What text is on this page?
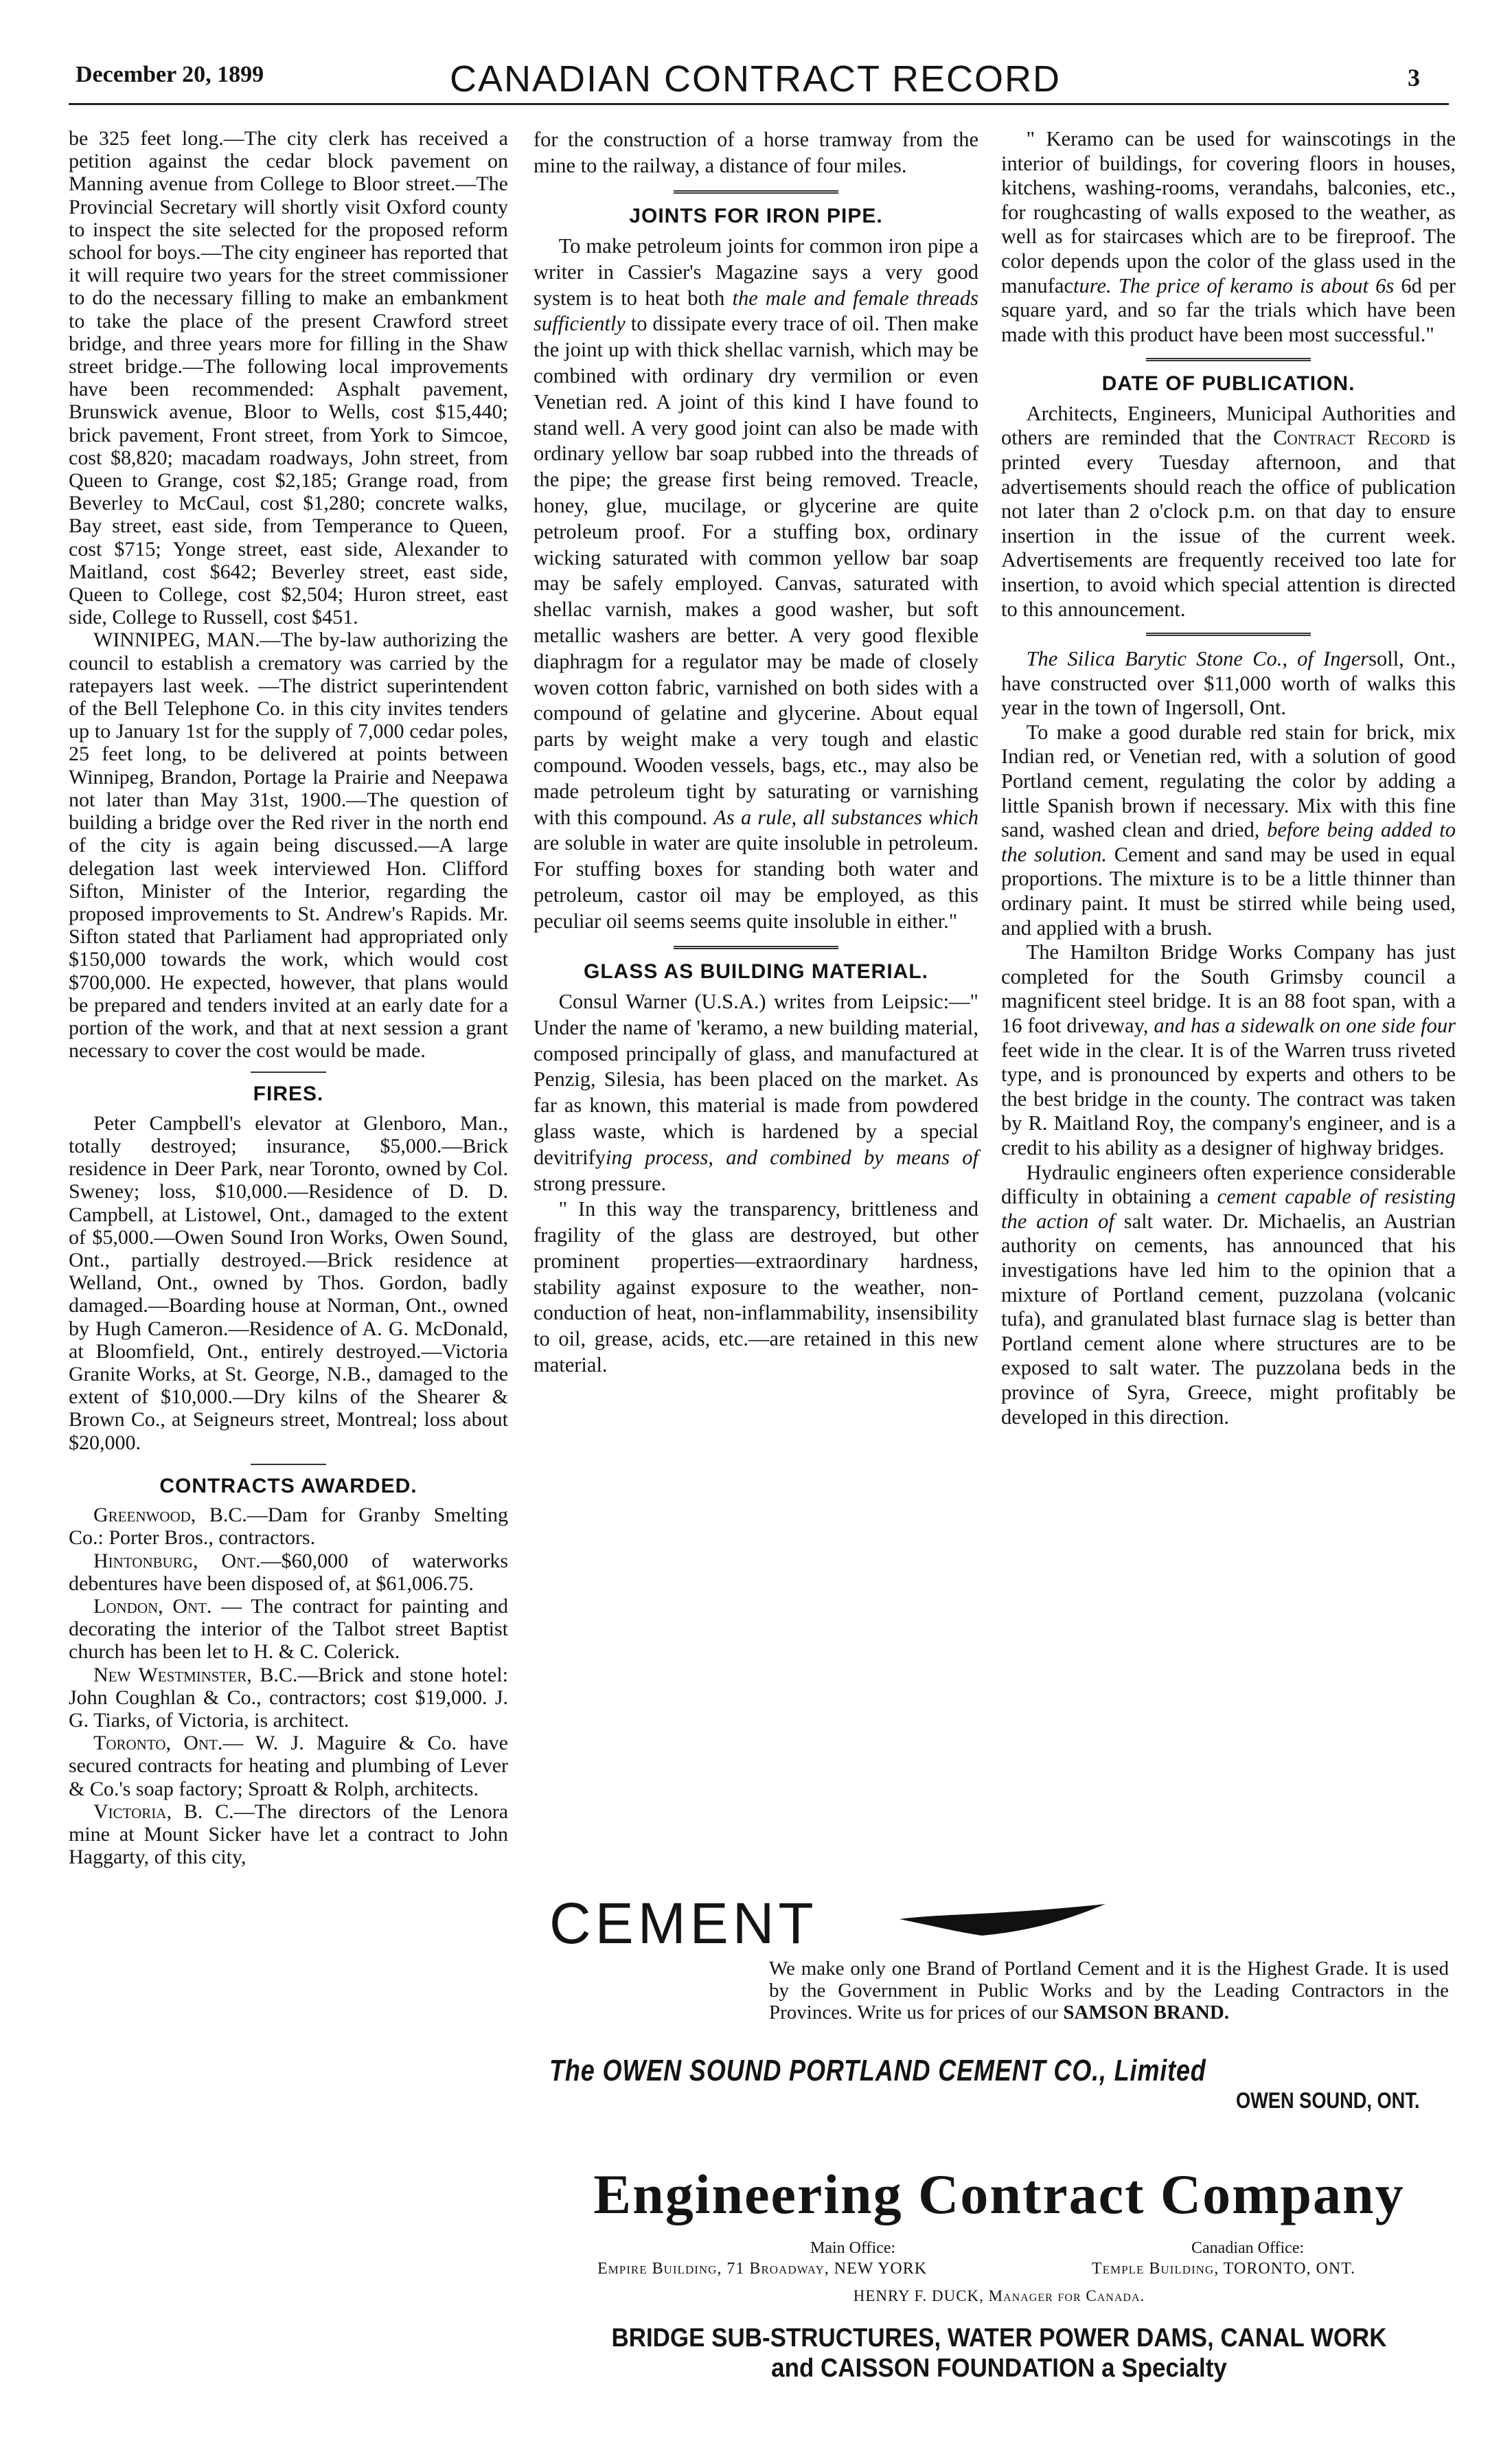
December 20, 1899	CANADIAN CONTRACT RECORD	3

be 325 feet long.—The city clerk has received a petition against the cedar block pavement on Manning avenue from College to Bloor street.—The Provincial Secretary will shortly visit Oxford county to inspect the site selected for the proposed reform school for boys.—The city engineer has reported that it will require two years for the street commissioner to do the necessary filling to make an embankment to take the place of the present Crawford street bridge, and three years more for filling in the Shaw street bridge.—The following local improvements have been recommended: Asphalt pavement, Brunswick avenue, Bloor to Wells, cost $15,440; brick pavement, Front street, from York to Simcoe, cost $8,820; macadam roadways, John street, from Queen to Grange, cost $2,185; Grange road, from Beverley to McCaul, cost $1,280; concrete walks, Bay street, east side, from Temperance to Queen, cost $715; Yonge street, east side, Alexander to Maitland, cost $642; Beverley street, east side, Queen to College, cost $2,504; Huron street, east side, College to Russell, cost $451.

WINNIPEG, MAN.—The by-law authorizing the council to establish a crematory was carried by the ratepayers last week. —The district superintendent of the Bell Telephone Co. in this city invites tenders up to January 1st for the supply of 7,000 cedar poles, 25 feet long, to be delivered at points between Winnipeg, Brandon, Portage la Prairie and Neepawa not later than May 31st, 1900.—The question of building a bridge over the Red river in the north end of the city is again being discussed.—A large delegation last week interviewed Hon. Clifford Sifton, Minister of the Interior, regarding the proposed improvements to St. Andrew's Rapids. Mr. Sifton stated that Parliament had appropriated only $150,000 towards the work, which would cost $700,000. He expected, however, that plans would be prepared and tenders invited at an early date for a portion of the work, and that at next session a grant necessary to cover the cost would be made.

FIRES.

Peter Campbell's elevator at Glenboro, Man., totally destroyed; insurance, $5,000.—Brick residence in Deer Park, near Toronto, owned by Col. Sweney; loss, $10,000.—Residence of D. D. Campbell, at Listowel, Ont., damaged to the extent of $5,000.—Owen Sound Iron Works, Owen Sound, Ont., partially destroyed.—Brick residence at Welland, Ont., owned by Thos. Gordon, badly damaged.—Boarding house at Norman, Ont., owned by Hugh Cameron.—Residence of A. G. McDonald, at Bloomfield, Ont., entirely destroyed.—Victoria Granite Works, at St. George, N.B., damaged to the extent of $10,000.—Dry kilns of the Shearer & Brown Co., at Seigneurs street, Montreal; loss about $20,000.

CONTRACTS AWARDED.

Greenwood, B.C.—Dam for Granby Smelting Co.: Porter Bros., contractors.

Hintonburg, Ont.—$60,000 of waterworks debentures have been disposed of, at $61,006.75.

London, Ont. — The contract for painting and decorating the interior of the Talbot street Baptist church has been let to H. & C. Colerick.

New Westminster, B.C.—Brick and stone hotel: John Coughlan & Co., contractors; cost $19,000. J. G. Tiarks, of Victoria, is architect.

Toronto, Ont.— W. J. Maguire & Co. have secured contracts for heating and plumbing of Lever & Co.'s soap factory; Sproatt & Rolph, architects.

Victoria, B. C.—The directors of the Lenora mine at Mount Sicker have let a contract to John Haggarty, of this city,

for the construction of a horse tramway from the mine to the railway, a distance of four miles.

JOINTS FOR IRON PIPE.

To make petroleum joints for common iron pipe a writer in Cassier's Magazine says a very good system is to heat both the male and female threads sufficiently to dissipate every trace of oil. Then make the joint up with thick shellac varnish, which may be combined with ordinary dry vermilion or even Venetian red. A joint of this kind I have found to stand well. A very good joint can also be made with ordinary yellow bar soap rubbed into the threads of the pipe; the grease first being removed. Treacle, honey, glue, mucilage, or glycerine are quite petroleum proof. For a stuffing box, ordinary wicking saturated with common yellow bar soap may be safely employed. Canvas, saturated with shellac varnish, makes a good washer, but soft metallic washers are better. A very good flexible diaphragm for a regulator may be made of closely woven cotton fabric, varnished on both sides with a compound of gelatine and glycerine. About equal parts by weight make a very tough and elastic compound. Wooden vessels, bags, etc., may also be made petroleum tight by saturating or varnishing with this compound. As a rule, all substances which are soluble in water are quite insoluble in petroleum. For stuffing boxes for standing both water and petroleum, castor oil may be employed, as this peculiar oil seems seems quite insoluble in either."

GLASS AS BUILDING MATERIAL.

Consul Warner (U.S.A.) writes from Leipsic:—" Under the name of 'keramo, a new building material, composed principally of glass, and manufactured at Penzig, Silesia, has been placed on the market. As far as known, this material is made from powdered glass waste, which is hardened by a special devitrifying process, and combined by means of strong pressure.

" In this way the transparency, brittleness and fragility of the glass are destroyed, but other prominent properties—extraordinary hardness, stability against exposure to the weather, non-conduction of heat, non-inflammability, insensibility to oil, grease, acids, etc.—are retained in this new material.

" Keramo can be used for wainscotings in the interior of buildings, for covering floors in houses, kitchens, washing-rooms, verandahs, balconies, etc., for roughcasting of walls exposed to the weather, as well as for staircases which are to be fireproof. The color depends upon the color of the glass used in the manufacture. The price of keramo is about 6s 6d per square yard, and so far the trials which have been made with this product have been most successful."

DATE OF PUBLICATION.

Architects, Engineers, Municipal Authorities and others are reminded that the Contract Record is printed every Tuesday afternoon, and that advertisements should reach the office of publication not later than 2 o'clock p.m. on that day to ensure insertion in the issue of the current week. Advertisements are frequently received too late for insertion, to avoid which special attention is directed to this announcement.

The Silica Barytic Stone Co., of Ingersoll, Ont., have constructed over $11,000 worth of walks this year in the town of Ingersoll, Ont.

To make a good durable red stain for brick, mix Indian red, or Venetian red, with a solution of good Portland cement, regulating the color by adding a little Spanish brown if necessary. Mix with this fine sand, washed clean and dried, before being added to the solution. Cement and sand may be used in equal proportions. The mixture is to be a little thinner than ordinary paint. It must be stirred while being used, and applied with a brush.

The Hamilton Bridge Works Company has just completed for the South Grimsby council a magnificent steel bridge. It is an 88 foot span, with a 16 foot driveway, and has a sidewalk on one side four feet wide in the clear. It is of the Warren truss riveted type, and is pronounced by experts and others to be the best bridge in the county. The contract was taken by R. Maitland Roy, the company's engineer, and is a credit to his ability as a designer of highway bridges.

Hydraulic engineers often experience considerable difficulty in obtaining a cement capable of resisting the action of salt water. Dr. Michaelis, an Austrian authority on cements, has announced that his investigations have led him to the opinion that a mixture of Portland cement, puzzolana (volcanic tufa), and granulated blast furnace slag is better than Portland cement alone where structures are to be exposed to salt water. The puzzolana beds in the province of Syra, Greece, might profitably be developed in this direction.

CEMENT
We make only one Brand of Portland Cement and it is the Highest Grade. It is used by the Government in Public Works and by the Leading Contractors in the Provinces. Write us for prices of our SAMSON BRAND.
The OWEN SOUND PORTLAND CEMENT CO., Limited
OWEN SOUND, ONT.
Engineering Contract Company
Main Office:
Empire Building, 71 Broadway, NEW YORK
Canadian Office:
Temple Building, TORONTO, ONT.
HENRY F. DUCK, Manager for Canada.
BRIDGE SUB-STRUCTURES, WATER POWER DAMS, CANAL WORK
and CAISSON FOUNDATION a Specialty
